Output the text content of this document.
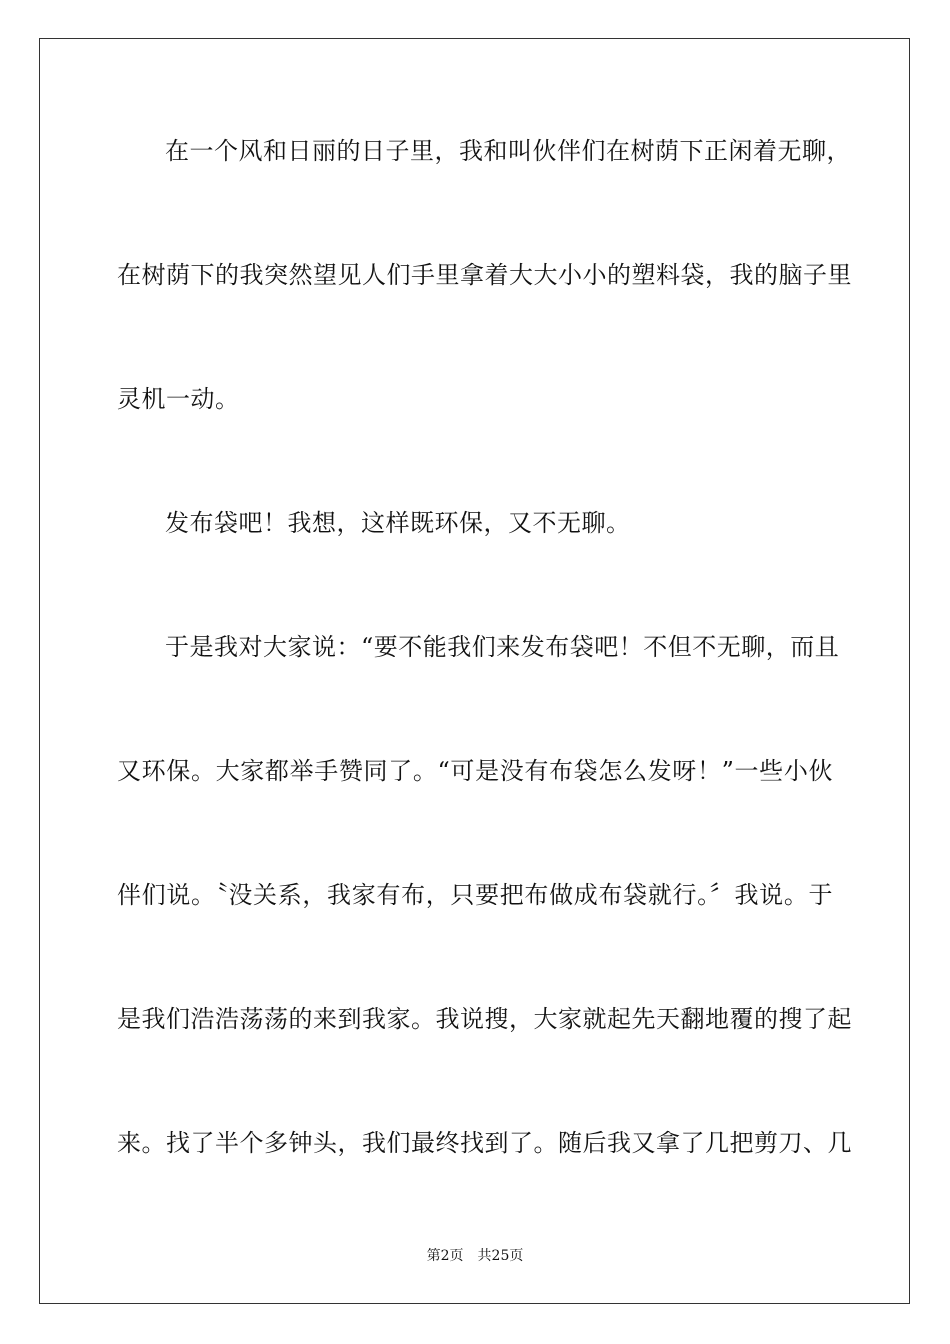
在一个风和日丽的日子里，我和叫伙伴们在树荫下正闲着无聊，
在树荫下的我突然望见人们手里拿着大大小小的塑料袋，我的脑子里
灵机一动。
发布袋吧！我想，这样既环保，又不无聊。
于是我对大家说：“要不能我们来发布袋吧！不但不无聊，而且
又环保。大家都举手赞同了。“可是没有布袋怎么发呀！”一些小伙
伴们说。〝没关系，我家有布，只要把布做成布袋就行。〞我说。于
是我们浩浩荡荡的来到我家。我说搜，大家就起先天翻地覆的搜了起
来。找了半个多钟头，我们最终找到了。随后我又拿了几把剪刀、几
第2页 共25页
